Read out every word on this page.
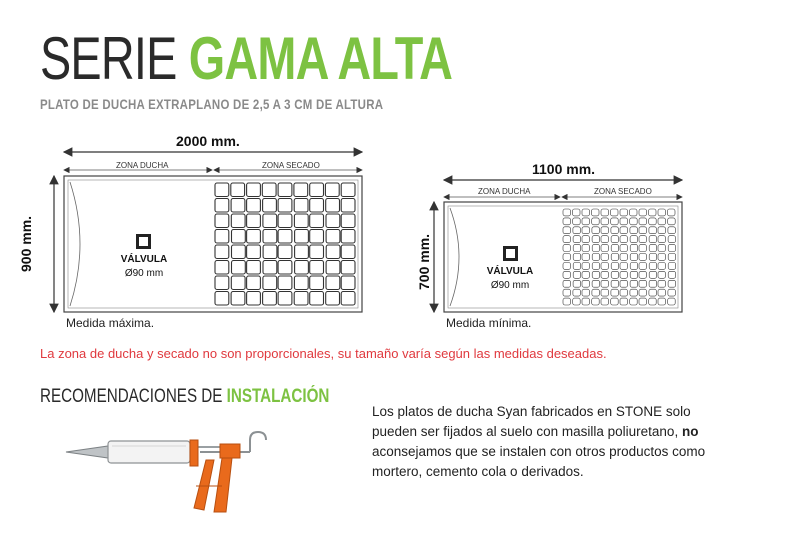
SERIE GAMA ALTA
PLATO DE DUCHA EXTRAPLANO DE 2,5 A 3 CM DE ALTURA
2000 mm.
ZONA DUCHA	ZONA SECADO
900 mm.	VÁLVULA
Ø90 mm
Medida máxima.
1100 mm.
ZONA DUCHA	ZONA SECADO
700 mm.	VÁLVULA
Ø90 mm
Medida mínima.
La zona de ducha y secado no son proporcionales, su tamaño varía según las medidas deseadas.
RECOMENDACIONES DE INSTALACIÓN
Los platos de ducha Syan fabricados en STONE solo pueden ser fijados al suelo con masilla poliuretano, no aconsejamos que se instalen con otros productos como mortero, cemento cola o derivados.
